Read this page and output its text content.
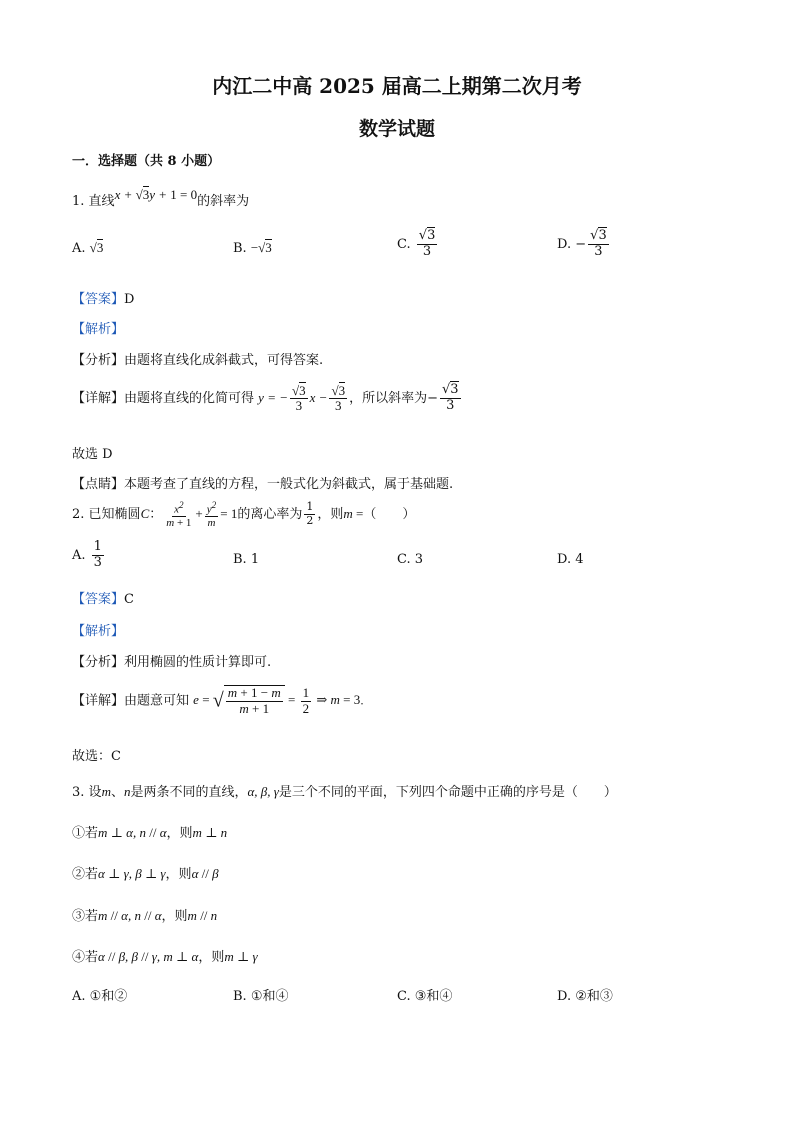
内江二中高 2025 届高二上期第二次月考
数学试题
一．选择题（共 8 小题）
1. 直线x + √3y + 1 = 0的斜率为
A. √3	B. −√3	C. $\frac{√3}{3}$	D. − $\frac{√3}{3}$
【答案】D
【解析】
【分析】由题将直线化成斜截式，可得答案.
【详解】由题将直线的化简可得 y = − $\frac{√3}{3}$ $x - \frac{√3}{3}$ ，所以斜率为− $\frac{√3}{3}$
故选 D
【点睛】本题考查了直线的方程，一般式化为斜截式，属于基础题.
2. 已知椭圆C： $\frac{x^2}{m + 1} + \frac{y^2}{m} = 1$的离心率为 $\frac{1}{2}$ ，则m =（　　）
A. $\frac{1}{3}$	B. 1	C. 3	D. 4
【答案】C
【解析】
【分析】利用椭圆的性质计算即可.
【详解】由题意可知 e = √ $\frac{m + 1 - m}{m + 1} = \frac{1}{2}$ ⇒ m = 3.
故选：C
3. 设m、n是两条不同的直线，α, β, γ是三个不同的平面，下列四个命题中正确的序号是（　　）
①若m ⊥ α, n // α，则m ⊥ n
②若α ⊥ γ, β ⊥ γ，则α // β
③若m // α, n // α，则m // n
④若α // β, β // γ, m ⊥ α，则m ⊥ γ
A. ①和②	B. ①和④	C. ③和④	D. ②和③
